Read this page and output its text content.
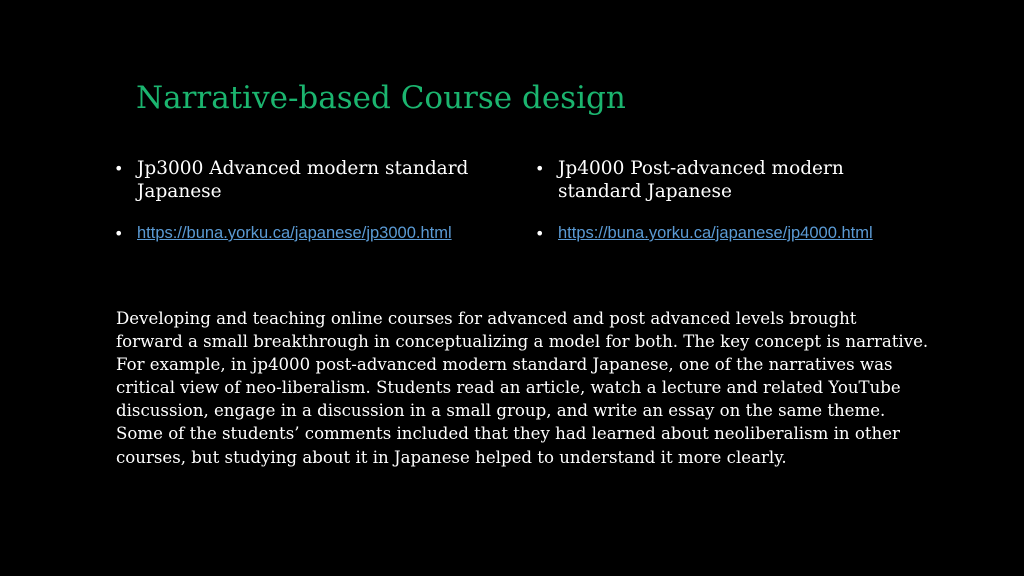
Narrative-based Course design
• Jp3000 Advanced modern standard Japanese
• https://buna.yorku.ca/japanese/jp3000.html
• Jp4000 Post-advanced modern standard Japanese
• https://buna.yorku.ca/japanese/jp4000.html
Developing and teaching online courses for advanced and post advanced levels brought
forward a small breakthrough in conceptualizing a model for both. The key concept is narrative.
For example, in jp4000 post-advanced modern standard Japanese, one of the narratives was
critical view of neo-liberalism. Students read an article, watch a lecture and related YouTube
discussion, engage in a discussion in a small group, and write an essay on the same theme.
Some of the students’ comments included that they had learned about neoliberalism in other
courses, but studying about it in Japanese helped to understand it more clearly.
